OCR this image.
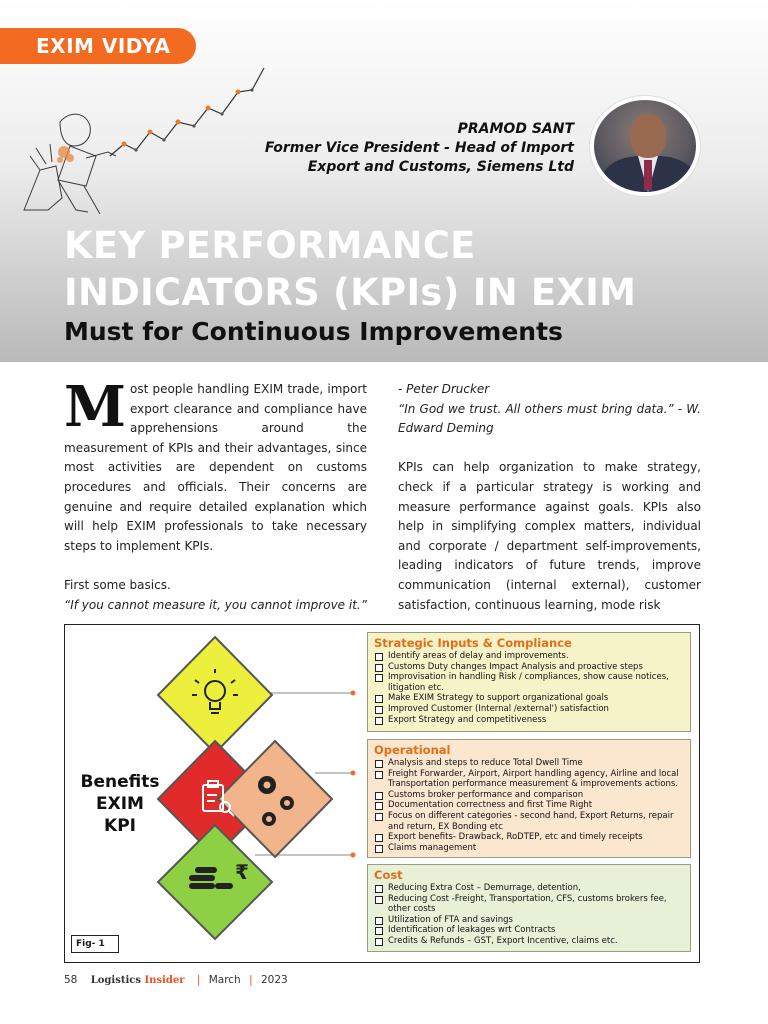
EXIM VIDYA
PRAMOD SANT
Former Vice President - Head of Import
Export and Customs, Siemens Ltd
KEY PERFORMANCE
INDICATORS (KPIs) IN EXIM
Must for Continuous Improvements

Most people handling EXIM trade, import export clearance and compliance have apprehensions around the measurement of KPIs and their advantages, since most activities are dependent on customs procedures and officials. Their concerns are genuine and require detailed explanation which will help EXIM professionals to take necessary steps to implement KPIs.

First some basics.

“If you cannot measure it, you cannot improve it.”

- Peter Drucker

“In God we trust. All others must bring data.” - W. Edward Deming

KPIs can help organization to make strategy, check if a particular strategy is working and measure performance against goals. KPIs also help in simplifying complex matters, individual and corporate / department self-improvements, leading indicators of future trends, improve communication (internal external), customer satisfaction, continuous learning, mode risk

₹
Benefits
EXIM
KPI
Strategic Inputs & Compliance
Identify areas of delay and improvements.
Customs Duty changes Impact Analysis and proactive steps
Improvisation in handling Risk / compliances, show cause notices, litigation etc.
Make EXIM Strategy to support organizational goals
Improved Customer (Internal /external') satisfaction
Export Strategy and competitiveness
Operational
Analysis and steps to reduce Total Dwell Time
Freight Forwarder, Airport, Airport handling agency, Airline and local Transportation performance measurement & improvements actions.
Customs broker performance and comparison
Documentation correctness and first Time Right
Focus on different categories - second hand, Export Returns, repair and return, EX Bonding etc
Export benefits- Drawback, RoDTEP, etc and timely receipts
Claims management
Cost
Reducing Extra Cost – Demurrage, detention,
Reducing Cost -Freight, Transportation, CFS, customs brokers fee, other costs
Utilization of FTA and savings
Identification of leakages wrt Contracts
Credits & Refunds – GST, Export Incentive, claims etc.
Fig- 1
58 Logistics Insider | March | 2023
